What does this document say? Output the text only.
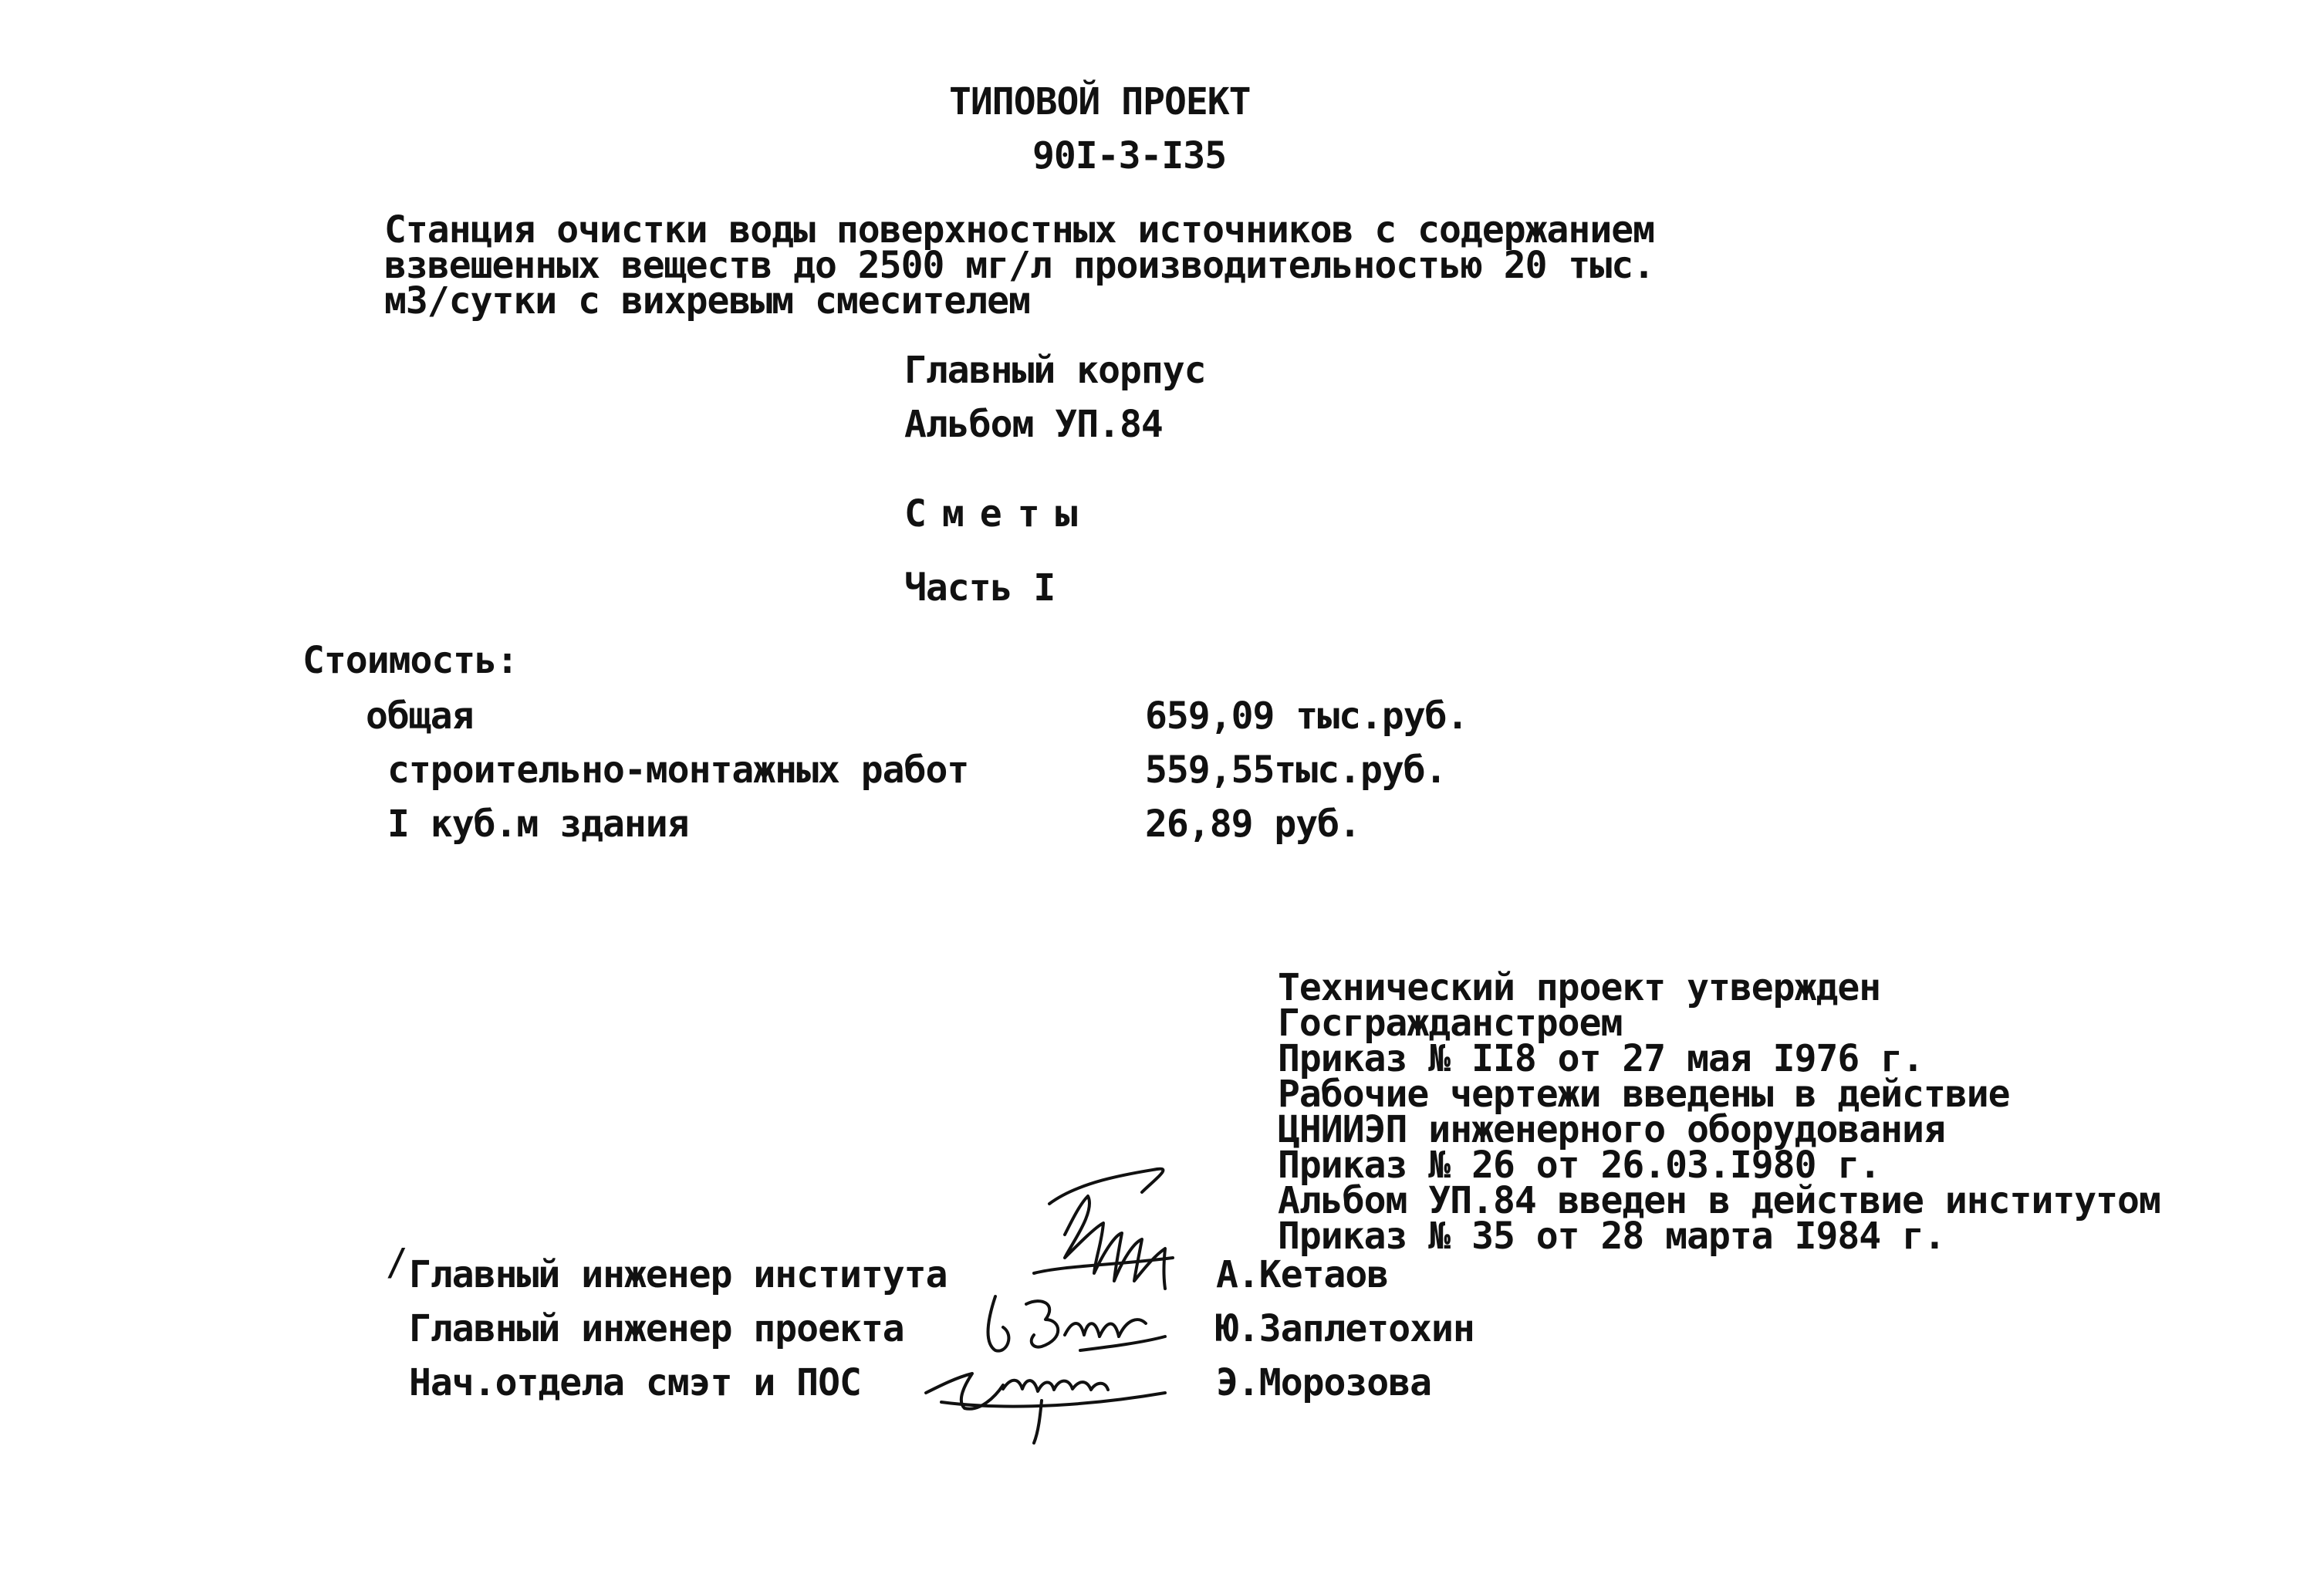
ТИПОВОЙ ПРОЕКТ
90I-3-I35
Станция очистки воды поверхностных источников с содержанием
взвешенных веществ до 2500 мг/л производительностью 20 тыс.
м3/сутки с вихревым смесителем
Главный корпус
Альбом УП.84
Сметы
Часть I
Стоимость:
общая	659,09 тыс.руб.
строительно-монтажных работ	559,55тыс.руб.
I куб.м здания	26,89 руб.
Технический проект утвержден
Госгражданстроем
Приказ № II8 от 27 мая I976 г.
Рабочие чертежи введены в действие
ЦНИИЭП инженерного оборудования
Приказ № 26 от 26.03.I980 г.
Альбом УП.84 введен в действие институтом
Приказ № 35 от 28 марта I984 г.
/ Главный инженер института	А.Кетаов
Главный инженер проекта	Ю.Заплетохин
Нач.отдела смэт и ПОС	Э.Морозова
